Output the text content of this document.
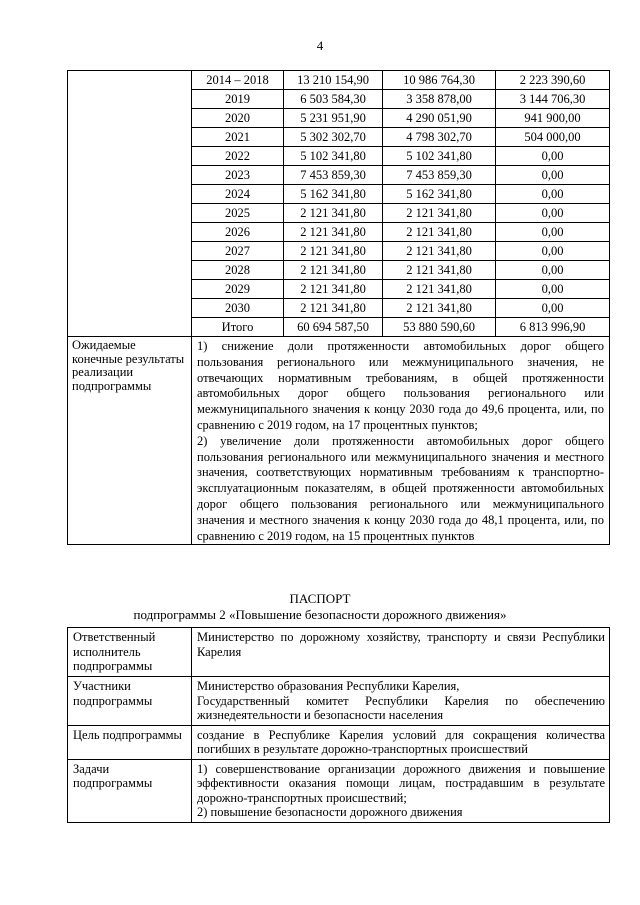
4
	2014 – 2018	13 210 154,90	10 986 764,30	2 223 390,60
	2019	6 503 584,30	3 358 878,00	3 144 706,30
	2020	5 231 951,90	4 290 051,90	941 900,00
	2021	5 302 302,70	4 798 302,70	504 000,00
	2022	5 102 341,80	5 102 341,80	0,00
	2023	7 453 859,30	7 453 859,30	0,00
	2024	5 162 341,80	5 162 341,80	0,00
	2025	2 121 341,80	2 121 341,80	0,00
	2026	2 121 341,80	2 121 341,80	0,00
	2027	2 121 341,80	2 121 341,80	0,00
	2028	2 121 341,80	2 121 341,80	0,00
	2029	2 121 341,80	2 121 341,80	0,00
	2030	2 121 341,80	2 121 341,80	0,00
	Итого	60 694 587,50	53 880 590,60	6 813 996,90
Ожидаемые конечные результаты реализации подпрограммы	1) снижение доли протяженности автомобильных дорог общего пользования регионального или межмуниципального значения, не отвечающих нормативным требованиям, в общей протяженности автомобильных дорог общего пользования регионального или межмуниципального значения к концу 2030 года до 49,6 процента, или, по сравнению с 2019 годом, на 17 процентных пунктов;
2) увеличение доли протяженности автомобильных дорог общего пользования регионального или межмуниципального значения и местного значения, соответствующих нормативным требованиям к транспортно-эксплуатационным показателям, в общей протяженности автомобильных дорог общего пользования регионального или межмуниципального значения и местного значения к концу 2030 года до 48,1 процента, или, по сравнению с 2019 годом, на 15 процентных пунктов			
ПАСПОРТ
подпрограммы 2 «Повышение безопасности дорожного движения»
Ответственный исполнитель подпрограммы	Министерство по дорожному хозяйству, транспорту и связи Республики Карелия
Участники подпрограммы	Министерство образования Республики Карелия,
Государственный комитет Республики Карелия по обеспечению жизнедеятельности и безопасности населения

Цель подпрограммы	создание в Республике Карелия условий для сокращения количества погибших в результате дорожно-транспортных происшествий
Задачи подпрограммы	1) совершенствование организации дорожного движения и повышение эффективности оказания помощи лицам, пострадавшим в результате дорожно-транспортных происшествий;
2) повышение безопасности дорожного движения
